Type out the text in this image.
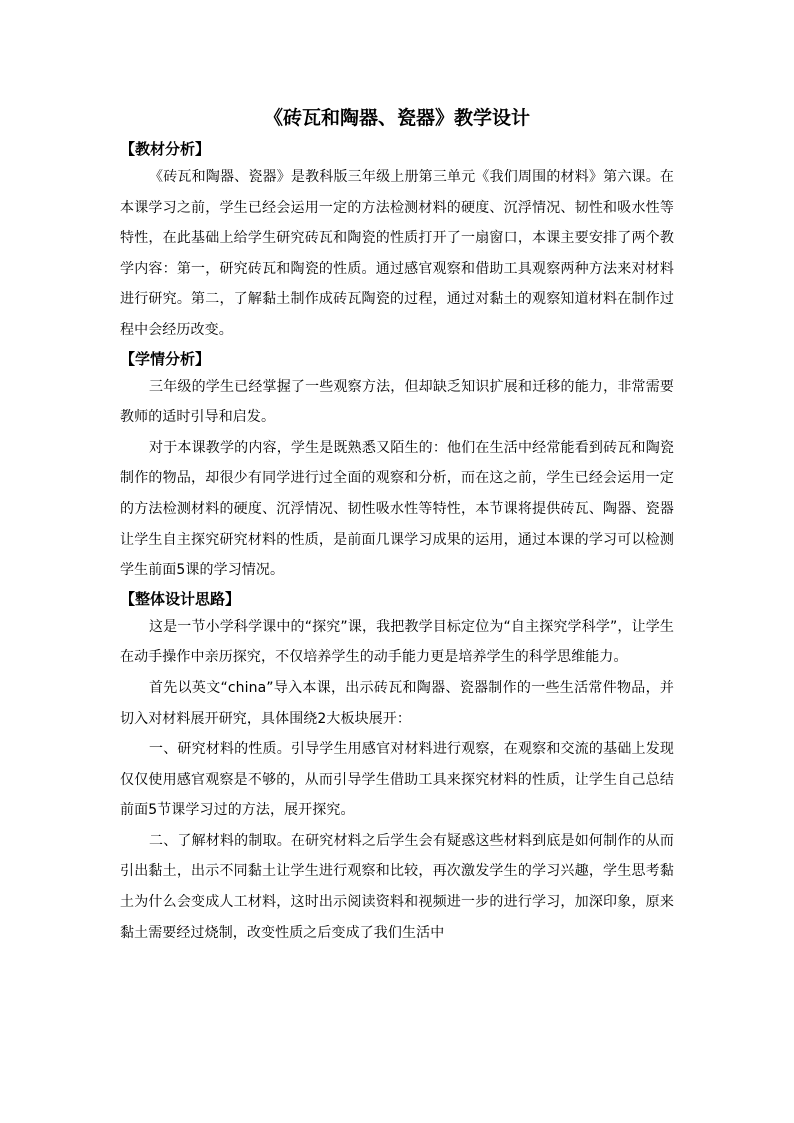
《砖瓦和陶器、瓷器》教学设计
【教材分析】

《砖瓦和陶器、瓷器》是教科版三年级上册第三单元《我们周围的材料》第六课。在本课学习之前，学生已经会运用一定的方法检测材料的硬度、沉浮情况、韧性和吸水性等特性，在此基础上给学生研究砖瓦和陶瓷的性质打开了一扇窗口，本课主要安排了两个教学内容：第一，研究砖瓦和陶瓷的性质。通过感官观察和借助工具观察两种方法来对材料进行研究。第二，了解黏土制作成砖瓦陶瓷的过程，通过对黏土的观察知道材料在制作过程中会经历改变。

【学情分析】

三年级的学生已经掌握了一些观察方法，但却缺乏知识扩展和迁移的能力，非常需要教师的适时引导和启发。

对于本课教学的内容，学生是既熟悉又陌生的：他们在生活中经常能看到砖瓦和陶瓷制作的物品，却很少有同学进行过全面的观察和分析，而在这之前，学生已经会运用一定的方法检测材料的硬度、沉浮情况、韧性吸水性等特性，本节课将提供砖瓦、陶器、瓷器让学生自主探究研究材料的性质，是前面几课学习成果的运用，通过本课的学习可以检测学生前面5课的学习情况。

【整体设计思路】

这是一节小学科学课中的“探究”课，我把教学目标定位为“自主探究学科学”，让学生在动手操作中亲历探究，不仅培养学生的动手能力更是培养学生的科学思维能力。

首先以英文“china”导入本课，出示砖瓦和陶器、瓷器制作的一些生活常件物品，并切入对材料展开研究，具体围绕2大板块展开：

一、研究材料的性质。引导学生用感官对材料进行观察，在观察和交流的基础上发现仅仅使用感官观察是不够的，从而引导学生借助工具来探究材料的性质，让学生自己总结前面5节课学习过的方法，展开探究。

二、了解材料的制取。在研究材料之后学生会有疑惑这些材料到底是如何制作的从而引出黏土，出示不同黏土让学生进行观察和比较，再次激发学生的学习兴趣，学生思考黏土为什么会变成人工材料，这时出示阅读资料和视频进一步的进行学习，加深印象，原来黏土需要经过烧制，改变性质之后变成了我们生活中
